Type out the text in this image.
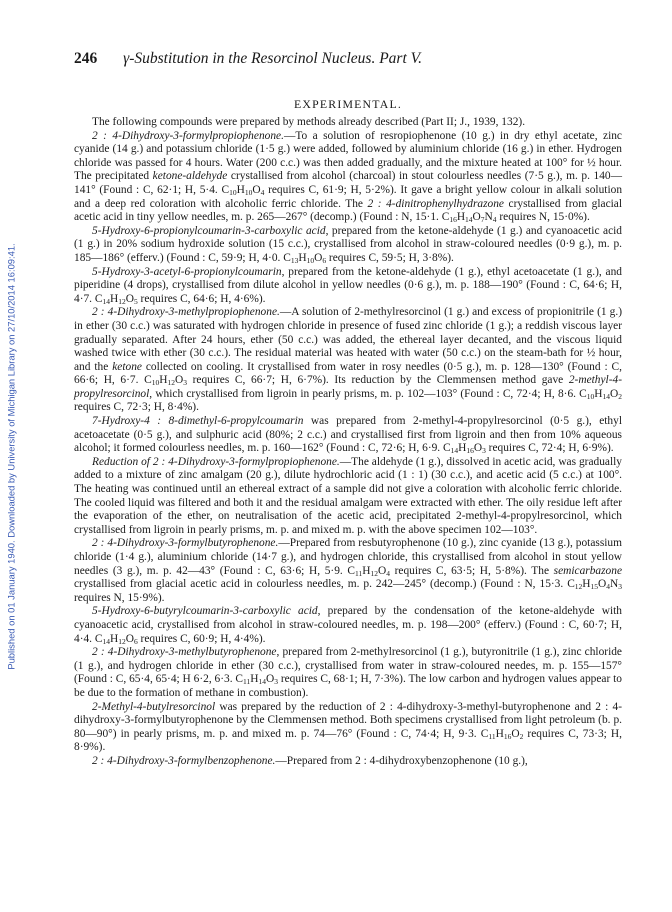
Published on 01 January 1940. Downloaded by University of Michigan Library on 27/10/2014 16:09:41.
246 γ-Substitution in the Resorcinol Nucleus. Part V.
EXPERIMENTAL.

The following compounds were prepared by methods already described (Part II; J., 1939, 132).

2 : 4-Dihydroxy-3-formylpropiophenone.—To a solution of resropiophenone (10 g.) in dry ethyl acetate, zinc cyanide (14 g.) and potassium chloride (1·5 g.) were added, followed by aluminium chloride (16 g.) in ether. Hydrogen chloride was passed for 4 hours. Water (200 c.c.) was then added gradually, and the mixture heated at 100° for ½ hour. The precipitated ketone-aldehyde crystallised from alcohol (charcoal) in stout colourless needles (7·5 g.), m. p. 140—141° (Found : C, 62·1; H, 5·4. $C_{10}H_{10}O_4$ requires C, 61·9; H, 5·2%). It gave a bright yellow colour in alkali solution and a deep red coloration with alcoholic ferric chloride. The 2 : 4-dinitrophenylhydrazone crystallised from glacial acetic acid in tiny yellow needles, m. p. 265—267° (decomp.) (Found : N, 15·1. $C_{16}H_{14}O_7N_4$ requires N, 15·0%).

5-Hydroxy-6-propionylcoumarin-3-carboxylic acid, prepared from the ketone-aldehyde (1 g.) and cyanoacetic acid (1 g.) in 20% sodium hydroxide solution (15 c.c.), crystallised from alcohol in straw-coloured needles (0·9 g.), m. p. 185—186° (efferv.) (Found : C, 59·9; H, 4·0. $C_{13}H_{10}O_6$ requires C, 59·5; H, 3·8%).

5-Hydroxy-3-acetyl-6-propionylcoumarin, prepared from the ketone-aldehyde (1 g.), ethyl acetoacetate (1 g.), and piperidine (4 drops), crystallised from dilute alcohol in yellow needles (0·6 g.), m. p. 188—190° (Found : C, 64·6; H, 4·7. $C_{14}H_{12}O_5$ requires C, 64·6; H, 4·6%).

2 : 4-Dihydroxy-3-methylpropiophenone.—A solution of 2-methylresorcinol (1 g.) and excess of propionitrile (1 g.) in ether (30 c.c.) was saturated with hydrogen chloride in presence of fused zinc chloride (1 g.); a reddish viscous layer gradually separated. After 24 hours, ether (50 c.c.) was added, the ethereal layer decanted, and the viscous liquid washed twice with ether (30 c.c.). The residual material was heated with water (50 c.c.) on the steam-bath for ½ hour, and the ketone collected on cooling. It crystallised from water in rosy needles (0·5 g.), m. p. 128—130° (Found : C, 66·6; H, 6·7. $C_{10}H_{12}O_3$ requires C, 66·7; H, 6·7%). Its reduction by the Clemmensen method gave 2-methyl-4-propylresorcinol, which crystallised from ligroin in pearly prisms, m. p. 102—103° (Found : C, 72·4; H, 8·6. $C_{10}H_{14}O_2$ requires C, 72·3; H, 8·4%).

7-Hydroxy-4 : 8-dimethyl-6-propylcoumarin was prepared from 2-methyl-4-propylresorcinol (0·5 g.), ethyl acetoacetate (0·5 g.), and sulphuric acid (80%; 2 c.c.) and crystallised first from ligroin and then from 10% aqueous alcohol; it formed colourless needles, m. p. 160—162° (Found : C, 72·6; H, 6·9. $C_{14}H_{16}O_3$ requires C, 72·4; H, 6·9%).

Reduction of 2 : 4-Dihydroxy-3-formylpropiophenone.—The aldehyde (1 g.), dissolved in acetic acid, was gradually added to a mixture of zinc amalgam (20 g.), dilute hydrochloric acid (1 : 1) (30 c.c.), and acetic acid (5 c.c.) at 100°. The heating was continued until an ethereal extract of a sample did not give a coloration with alcoholic ferric chloride. The cooled liquid was filtered and both it and the residual amalgam were extracted with ether. The oily residue left after the evaporation of the ether, on neutralisation of the acetic acid, precipitated 2-methyl-4-propylresorcinol, which crystallised from ligroin in pearly prisms, m. p. and mixed m. p. with the above specimen 102—103°.

2 : 4-Dihydroxy-3-formylbutyrophenone.—Prepared from resbutyrophenone (10 g.), zinc cyanide (13 g.), potassium chloride (1·4 g.), aluminium chloride (14·7 g.), and hydrogen chloride, this crystallised from alcohol in stout yellow needles (3 g.), m. p. 42—43° (Found : C, 63·6; H, 5·9. $C_{11}H_{12}O_4$ requires C, 63·5; H, 5·8%). The semicarbazone crystallised from glacial acetic acid in colourless needles, m. p. 242—245° (decomp.) (Found : N, 15·3. $C_{12}H_{15}O_4N_3$ requires N, 15·9%).

5-Hydroxy-6-butyrylcoumarin-3-carboxylic acid, prepared by the condensation of the ketone-aldehyde with cyanoacetic acid, crystallised from alcohol in straw-coloured needles, m. p. 198—200° (efferv.) (Found : C, 60·7; H, 4·4. $C_{14}H_{12}O_6$ requires C, 60·9; H, 4·4%).

2 : 4-Dihydroxy-3-methylbutyrophenone, prepared from 2-methylresorcinol (1 g.), butyronitrile (1 g.), zinc chloride (1 g.), and hydrogen chloride in ether (30 c.c.), crystallised from water in straw-coloured needes, m. p. 155—157° (Found : C, 65·4, 65·4; H 6·2, 6·3. $C_{11}H_{14}O_3$ requires C, 68·1; H, 7·3%). The low carbon and hydrogen values appear to be due to the formation of methane in combustion).

2-Methyl-4-butylresorcinol was prepared by the reduction of 2 : 4-dihydroxy-3-methyl-butyrophenone and 2 : 4-dihydroxy-3-formylbutyrophenone by the Clemmensen method. Both specimens crystallised from light petroleum (b. p. 80—90°) in pearly prisms, m. p. and mixed m. p. 74—76° (Found : C, 74·4; H, 9·3. $C_{11}H_{16}O_2$ requires C, 73·3; H, 8·9%).

2 : 4-Dihydroxy-3-formylbenzophenone.—Prepared from 2 : 4-dihydroxybenzophenone (10 g.),
